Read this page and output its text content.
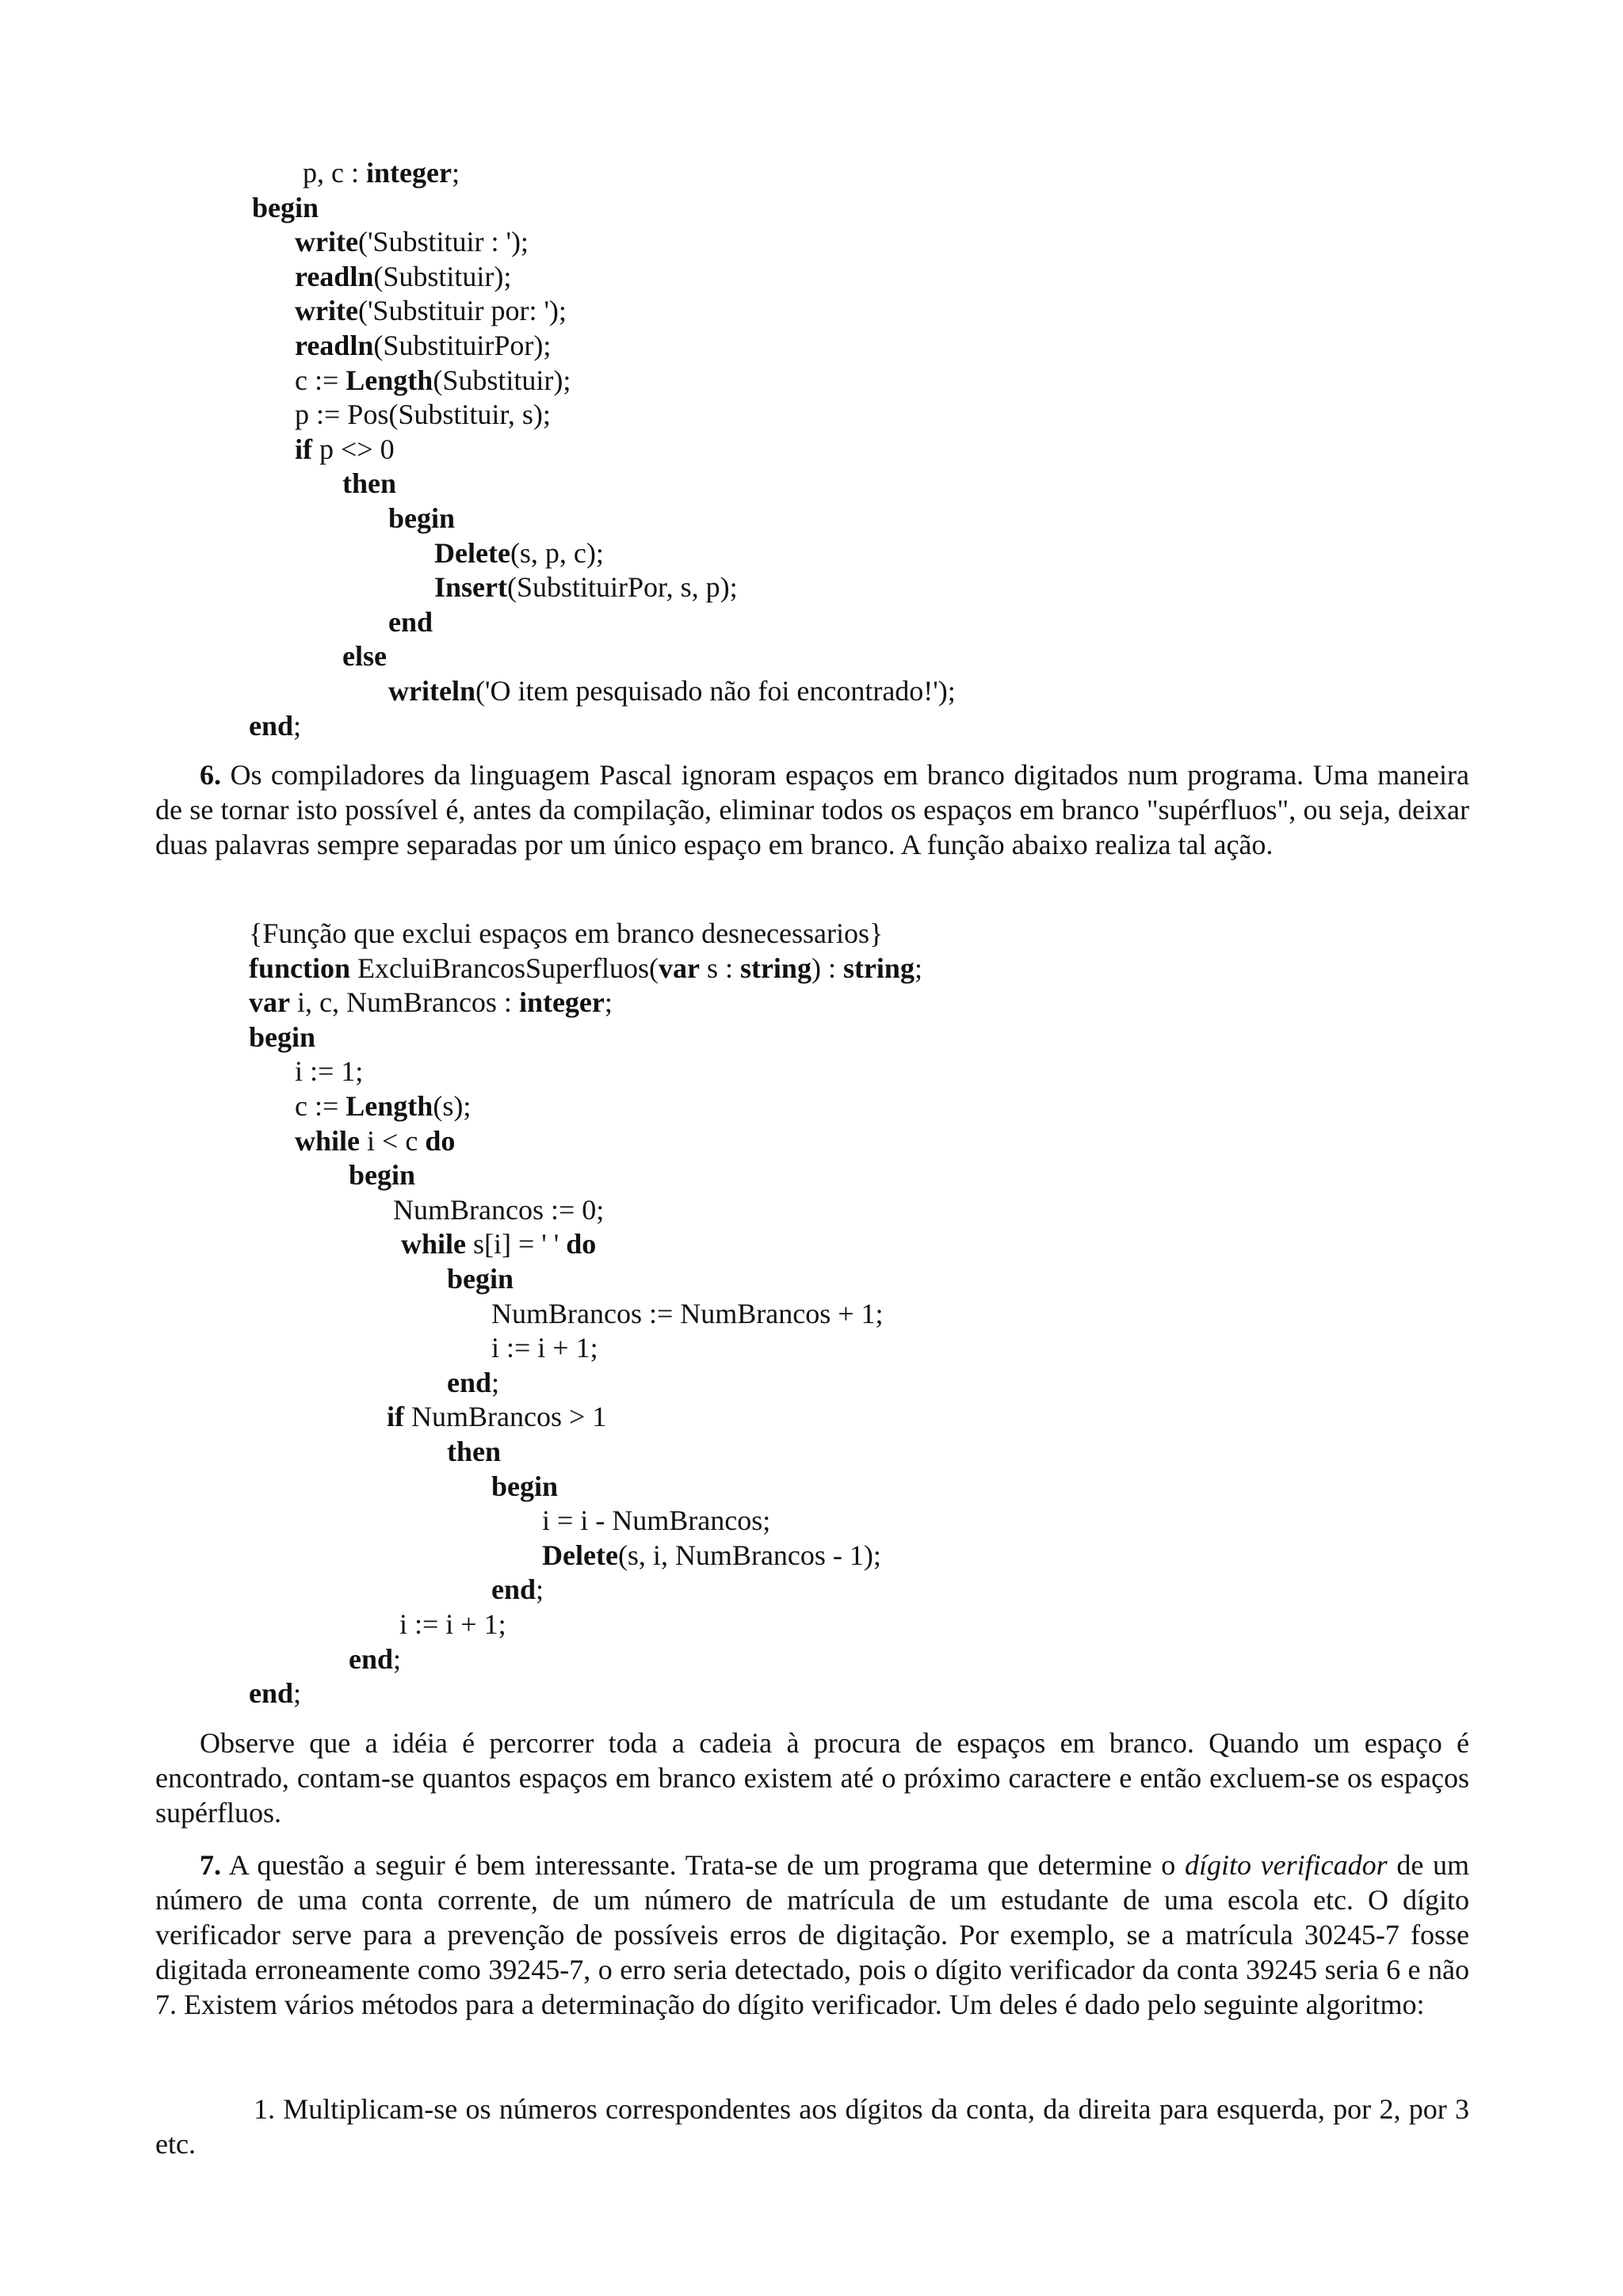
p, c : integer;
begin
write('Substituir : ');
readln(Substituir);
write('Substituir por: ');
readln(SubstituirPor);
c := Length(Substituir);
p := Pos(Substituir, s);
if p <> 0
then
begin
Delete(s, p, c);
Insert(SubstituirPor, s, p);
end
else
writeln('O item pesquisado não foi encontrado!');
end;

6. Os compiladores da linguagem Pascal ignoram espaços em branco digitados num programa. Uma maneira de se tornar isto possível é, antes da compilação, eliminar todos os espaços em branco "supérfluos", ou seja, deixar duas palavras sempre separadas por um único espaço em branco. A função abaixo realiza tal ação.

{Função que exclui espaços em branco desnecessarios}
function ExcluiBrancosSuperfluos(var s : string) : string;
var i, c, NumBrancos : integer;
begin
i := 1;
c := Length(s);
while i < c do
begin
NumBrancos := 0;
while s[i] = ' ' do
begin
NumBrancos := NumBrancos + 1;
i := i + 1;
end;
if NumBrancos > 1
then
begin
i = i - NumBrancos;
Delete(s, i, NumBrancos - 1);
end;
i := i + 1;
end;
end;

Observe que a idéia é percorrer toda a cadeia à procura de espaços em branco. Quando um espaço é encontrado, contam-se quantos espaços em branco existem até o próximo caractere e então excluem-se os espaços supérfluos.

7. A questão a seguir é bem interessante. Trata-se de um programa que determine o dígito verificador de um número de uma conta corrente, de um número de matrícula de um estudante de uma escola etc. O dígito verificador serve para a prevenção de possíveis erros de digitação. Por exemplo, se a matrícula 30245-7 fosse digitada erroneamente como 39245-7, o erro seria detectado, pois o dígito verificador da conta 39245 seria 6 e não 7. Existem vários métodos para a determinação do dígito verificador. Um deles é dado pelo seguinte algoritmo:

1. Multiplicam-se os números correspondentes aos dígitos da conta, da direita para esquerda, por 2, por 3 etc.
